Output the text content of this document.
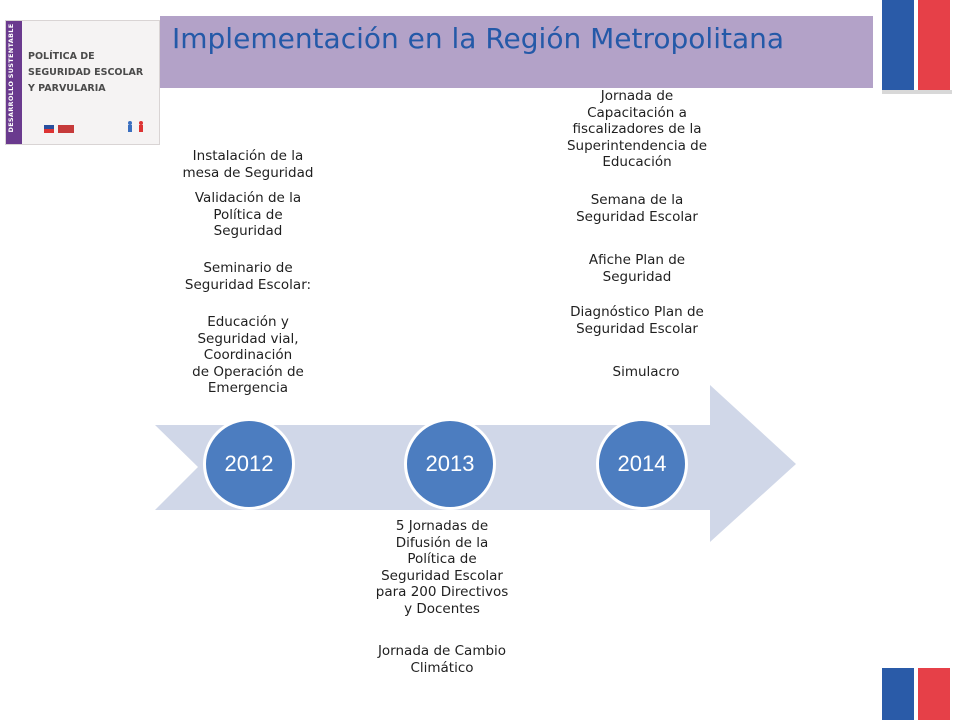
Implementación en la Región Metropolitana
DESARROLLO SUSTENTABLE	POLÍTICA DE
SEGURIDAD ESCOLAR
Y PARVULARIA
2012	2013	2014
Instalación de la
mesa de Seguridad
Validación de la
Política de
Seguridad
Seminario de
Seguridad Escolar:
Educación y
Seguridad vial,
Coordinación
de Operación de
Emergencia
5 Jornadas de
Difusión de la
Política de
Seguridad Escolar
para 200 Directivos
y Docentes
Jornada de Cambio
Climático
Jornada de
Capacitación a
fiscalizadores de la
Superintendencia de
Educación
Semana de la
Seguridad Escolar
Afiche Plan de
Seguridad
Diagnóstico Plan de
Seguridad Escolar
Simulacro
